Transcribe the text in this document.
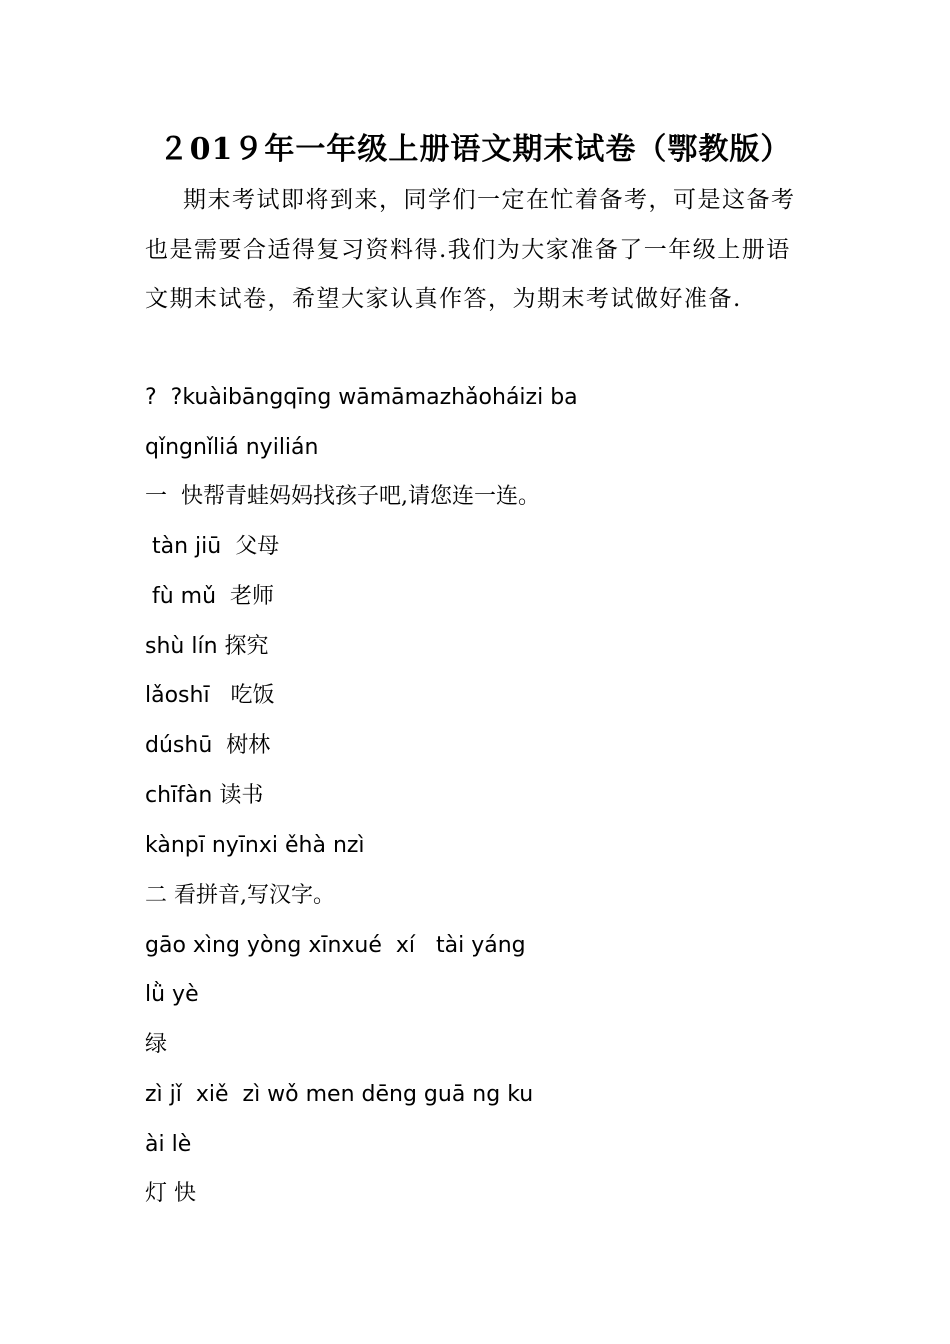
２01９年一年级上册语文期末试卷（鄂教版）

期末考试即将到来，同学们一定在忙着备考，可是这备考也是需要合适得复习资料得.我们为大家准备了一年级上册语文期末试卷，希望大家认真作答，为期末考试做好准备.

?  ?kuàibāngqīng wāmāmazhǎoháizi ba
qǐngnǐliá nyilián
一  快帮青蛙妈妈找孩子吧,请您连一连。
tàn jiū  父母
fù mǔ  老师
shù lín 探究
lǎoshī   吃饭
dúshū  树林
chīfàn 读书
kànpī nyīnxi ěhà nzì
二 看拼音,写汉字。
gāo xìng yòng xīnxué  xí   tài yáng
lǜ yè
绿
zì jǐ  xiě  zì wǒ men dēng guā ng ku
ài lè
灯 快
